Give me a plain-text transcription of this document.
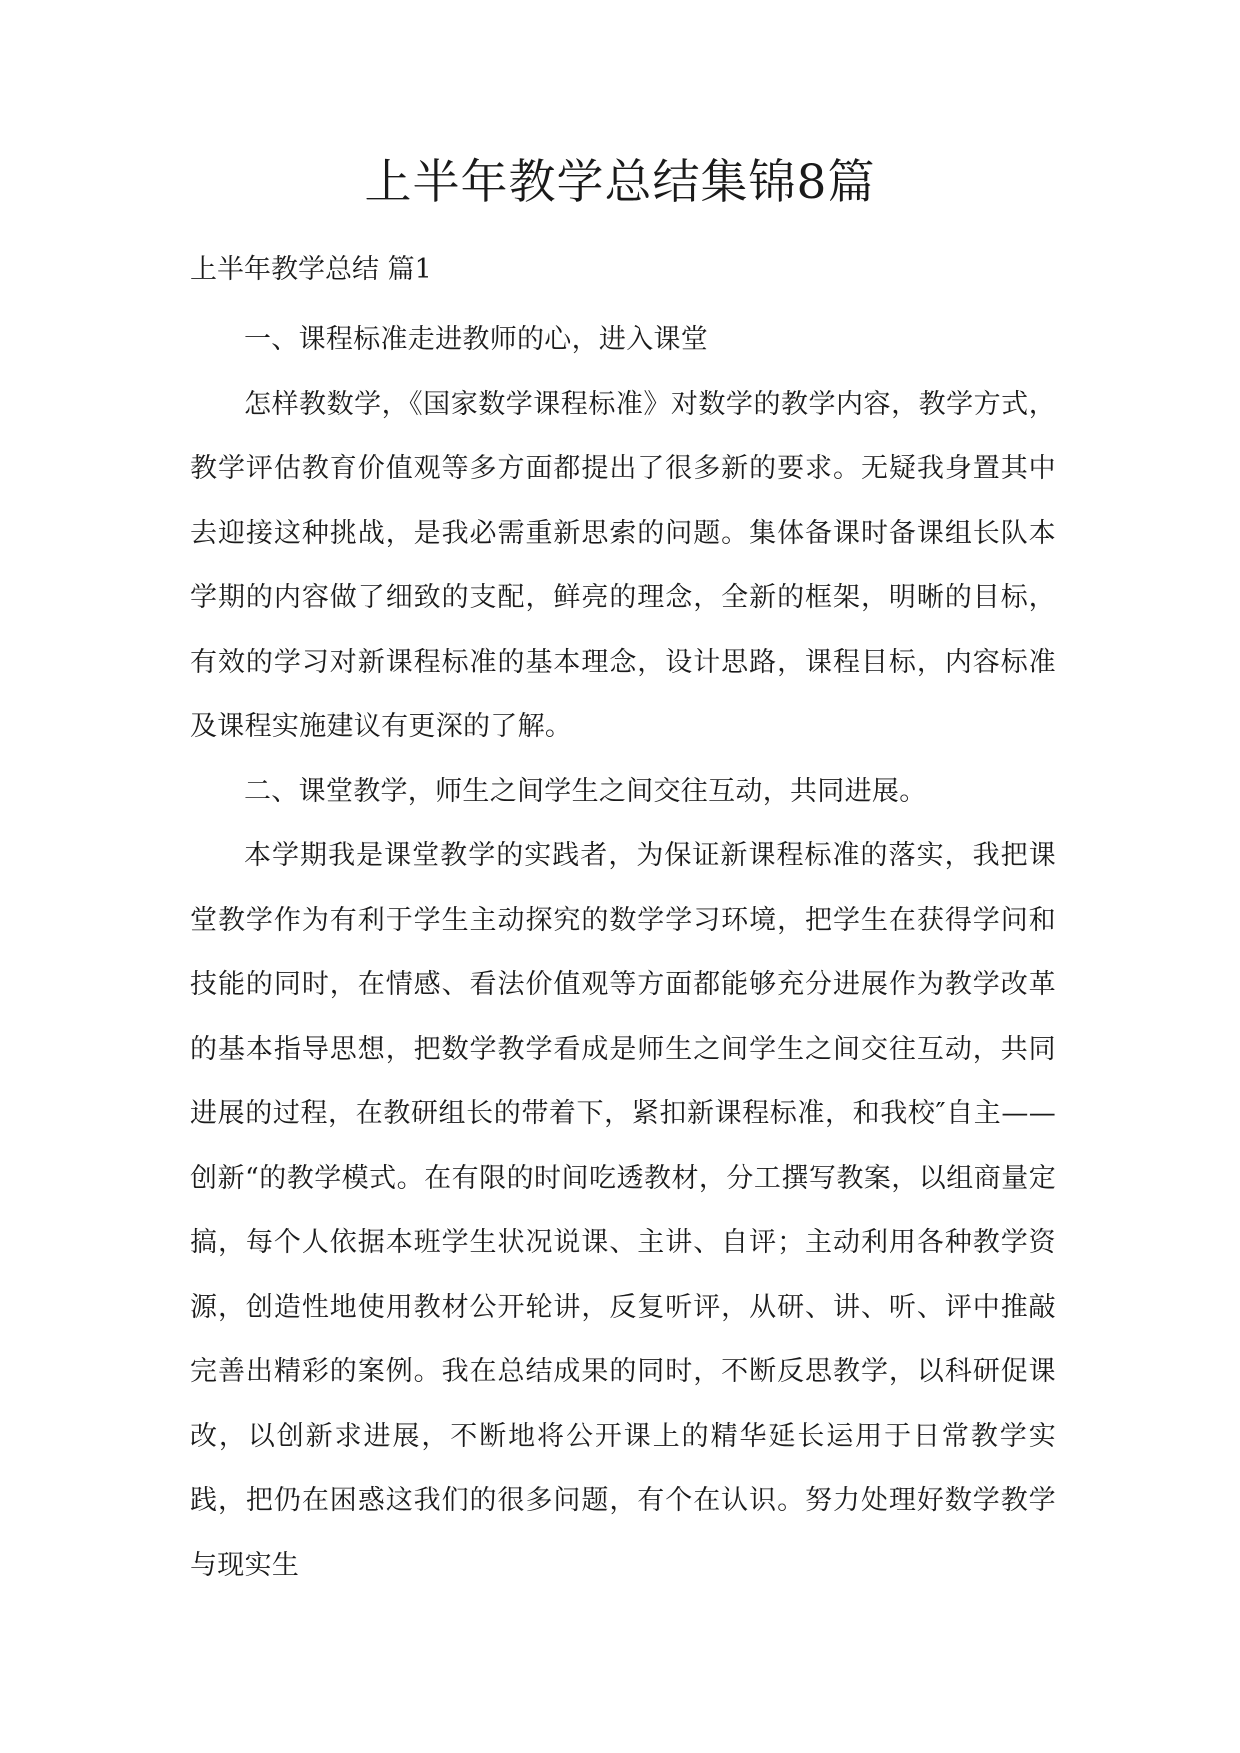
上半年教学总结集锦8篇
上半年教学总结 篇1

一、课程标准走进教师的心，进入课堂

怎样教数学，《国家数学课程标准》对数学的教学内容，教学方式，教学评估教育价值观等多方面都提出了很多新的要求。无疑我身置其中去迎接这种挑战，是我必需重新思索的问题。集体备课时备课组长队本学期的内容做了细致的支配，鲜亮的理念，全新的框架，明晰的目标，有效的学习对新课程标准的基本理念，设计思路，课程目标，内容标准及课程实施建议有更深的了解。

二、课堂教学，师生之间学生之间交往互动，共同进展。

本学期我是课堂教学的实践者，为保证新课程标准的落实，我把课堂教学作为有利于学生主动探究的数学学习环境，把学生在获得学问和技能的同时，在情感、看法价值观等方面都能够充分进展作为教学改革的基本指导思想，把数学教学看成是师生之间学生之间交往互动，共同进展的过程，在教研组长的带着下，紧扣新课程标准，和我校″自主——创新“的教学模式。在有限的时间吃透教材，分工撰写教案，以组商量定搞，每个人依据本班学生状况说课、主讲、自评；主动利用各种教学资源，创造性地使用教材公开轮讲，反复听评，从研、讲、听、评中推敲完善出精彩的案例。我在总结成果的同时，不断反思教学，以科研促课改，以创新求进展，不断地将公开课上的精华延长运用于日常教学实践，把仍在困惑这我们的很多问题，有个在认识。努力处理好数学教学与现实生
